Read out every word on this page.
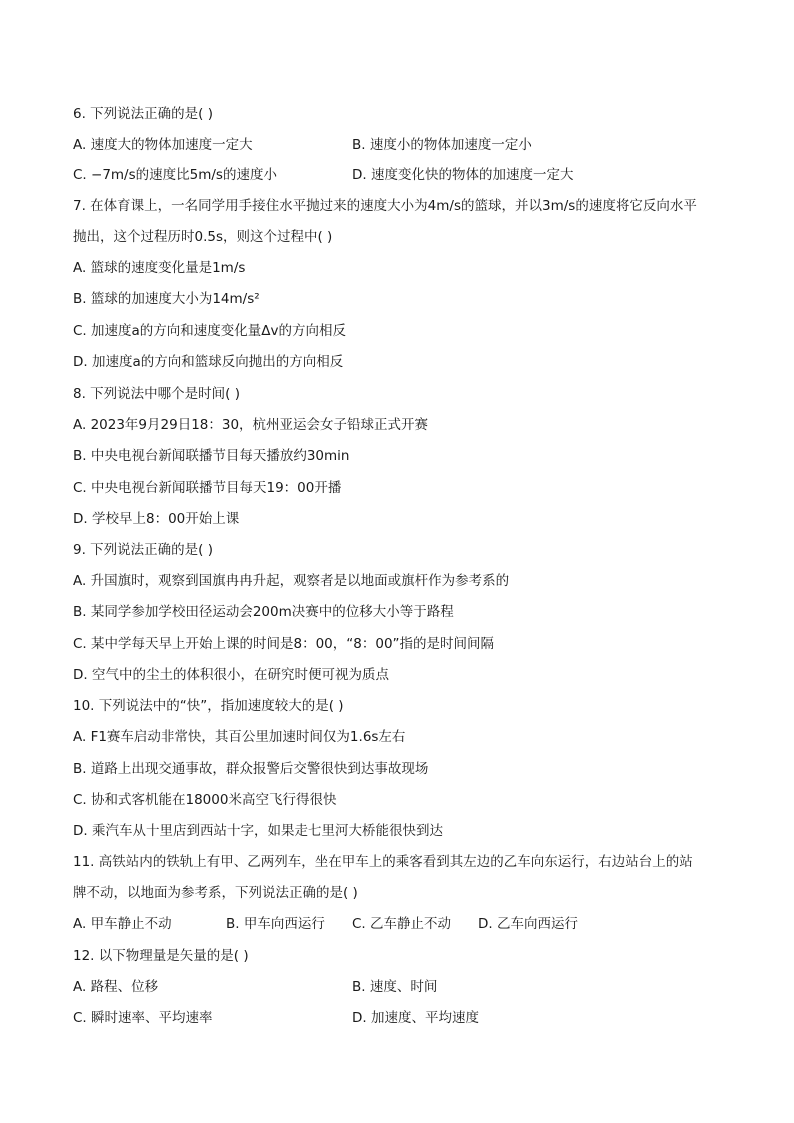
6. 下列说法正确的是( )
A. 速度大的物体加速度一定大	B. 速度小的物体加速度一定小
C. −7m/s的速度比5m/s的速度小	D. 速度变化快的物体的加速度一定大
7. 在体育课上，一名同学用手接住水平抛过来的速度大小为4m/s的篮球，并以3m/s的速度将它反向水平
抛出，这个过程历时0.5s，则这个过程中( )
A. 篮球的速度变化量是1m/s
B. 篮球的加速度大小为14m/s²
C. 加速度a的方向和速度变化量Δv的方向相反
D. 加速度a的方向和篮球反向抛出的方向相反
8. 下列说法中哪个是时间( )
A. 2023年9月29日18：30，杭州亚运会女子铅球正式开赛
B. 中央电视台新闻联播节目每天播放约30min
C. 中央电视台新闻联播节目每天19：00开播
D. 学校早上8：00开始上课
9. 下列说法正确的是( )
A. 升国旗时，观察到国旗冉冉升起，观察者是以地面或旗杆作为参考系的
B. 某同学参加学校田径运动会200m决赛中的位移大小等于路程
C. 某中学每天早上开始上课的时间是8：00，“8：00”指的是时间间隔
D. 空气中的尘土的体积很小，在研究时便可视为质点
10. 下列说法中的“快”，指加速度较大的是( )
A. F1赛车启动非常快，其百公里加速时间仅为1.6s左右
B. 道路上出现交通事故，群众报警后交警很快到达事故现场
C. 协和式客机能在18000米高空飞行得很快
D. 乘汽车从十里店到西站十字，如果走七里河大桥能很快到达
11. 高铁站内的铁轨上有甲、乙两列车，坐在甲车上的乘客看到其左边的乙车向东运行，右边站台上的站
牌不动，以地面为参考系，下列说法正确的是( )
A. 甲车静止不动	B. 甲车向西运行 C. 乙车静止不动 D. 乙车向西运行
12. 以下物理量是矢量的是( )
A. 路程、位移	B. 速度、时间
C. 瞬时速率、平均速率	D. 加速度、平均速度
